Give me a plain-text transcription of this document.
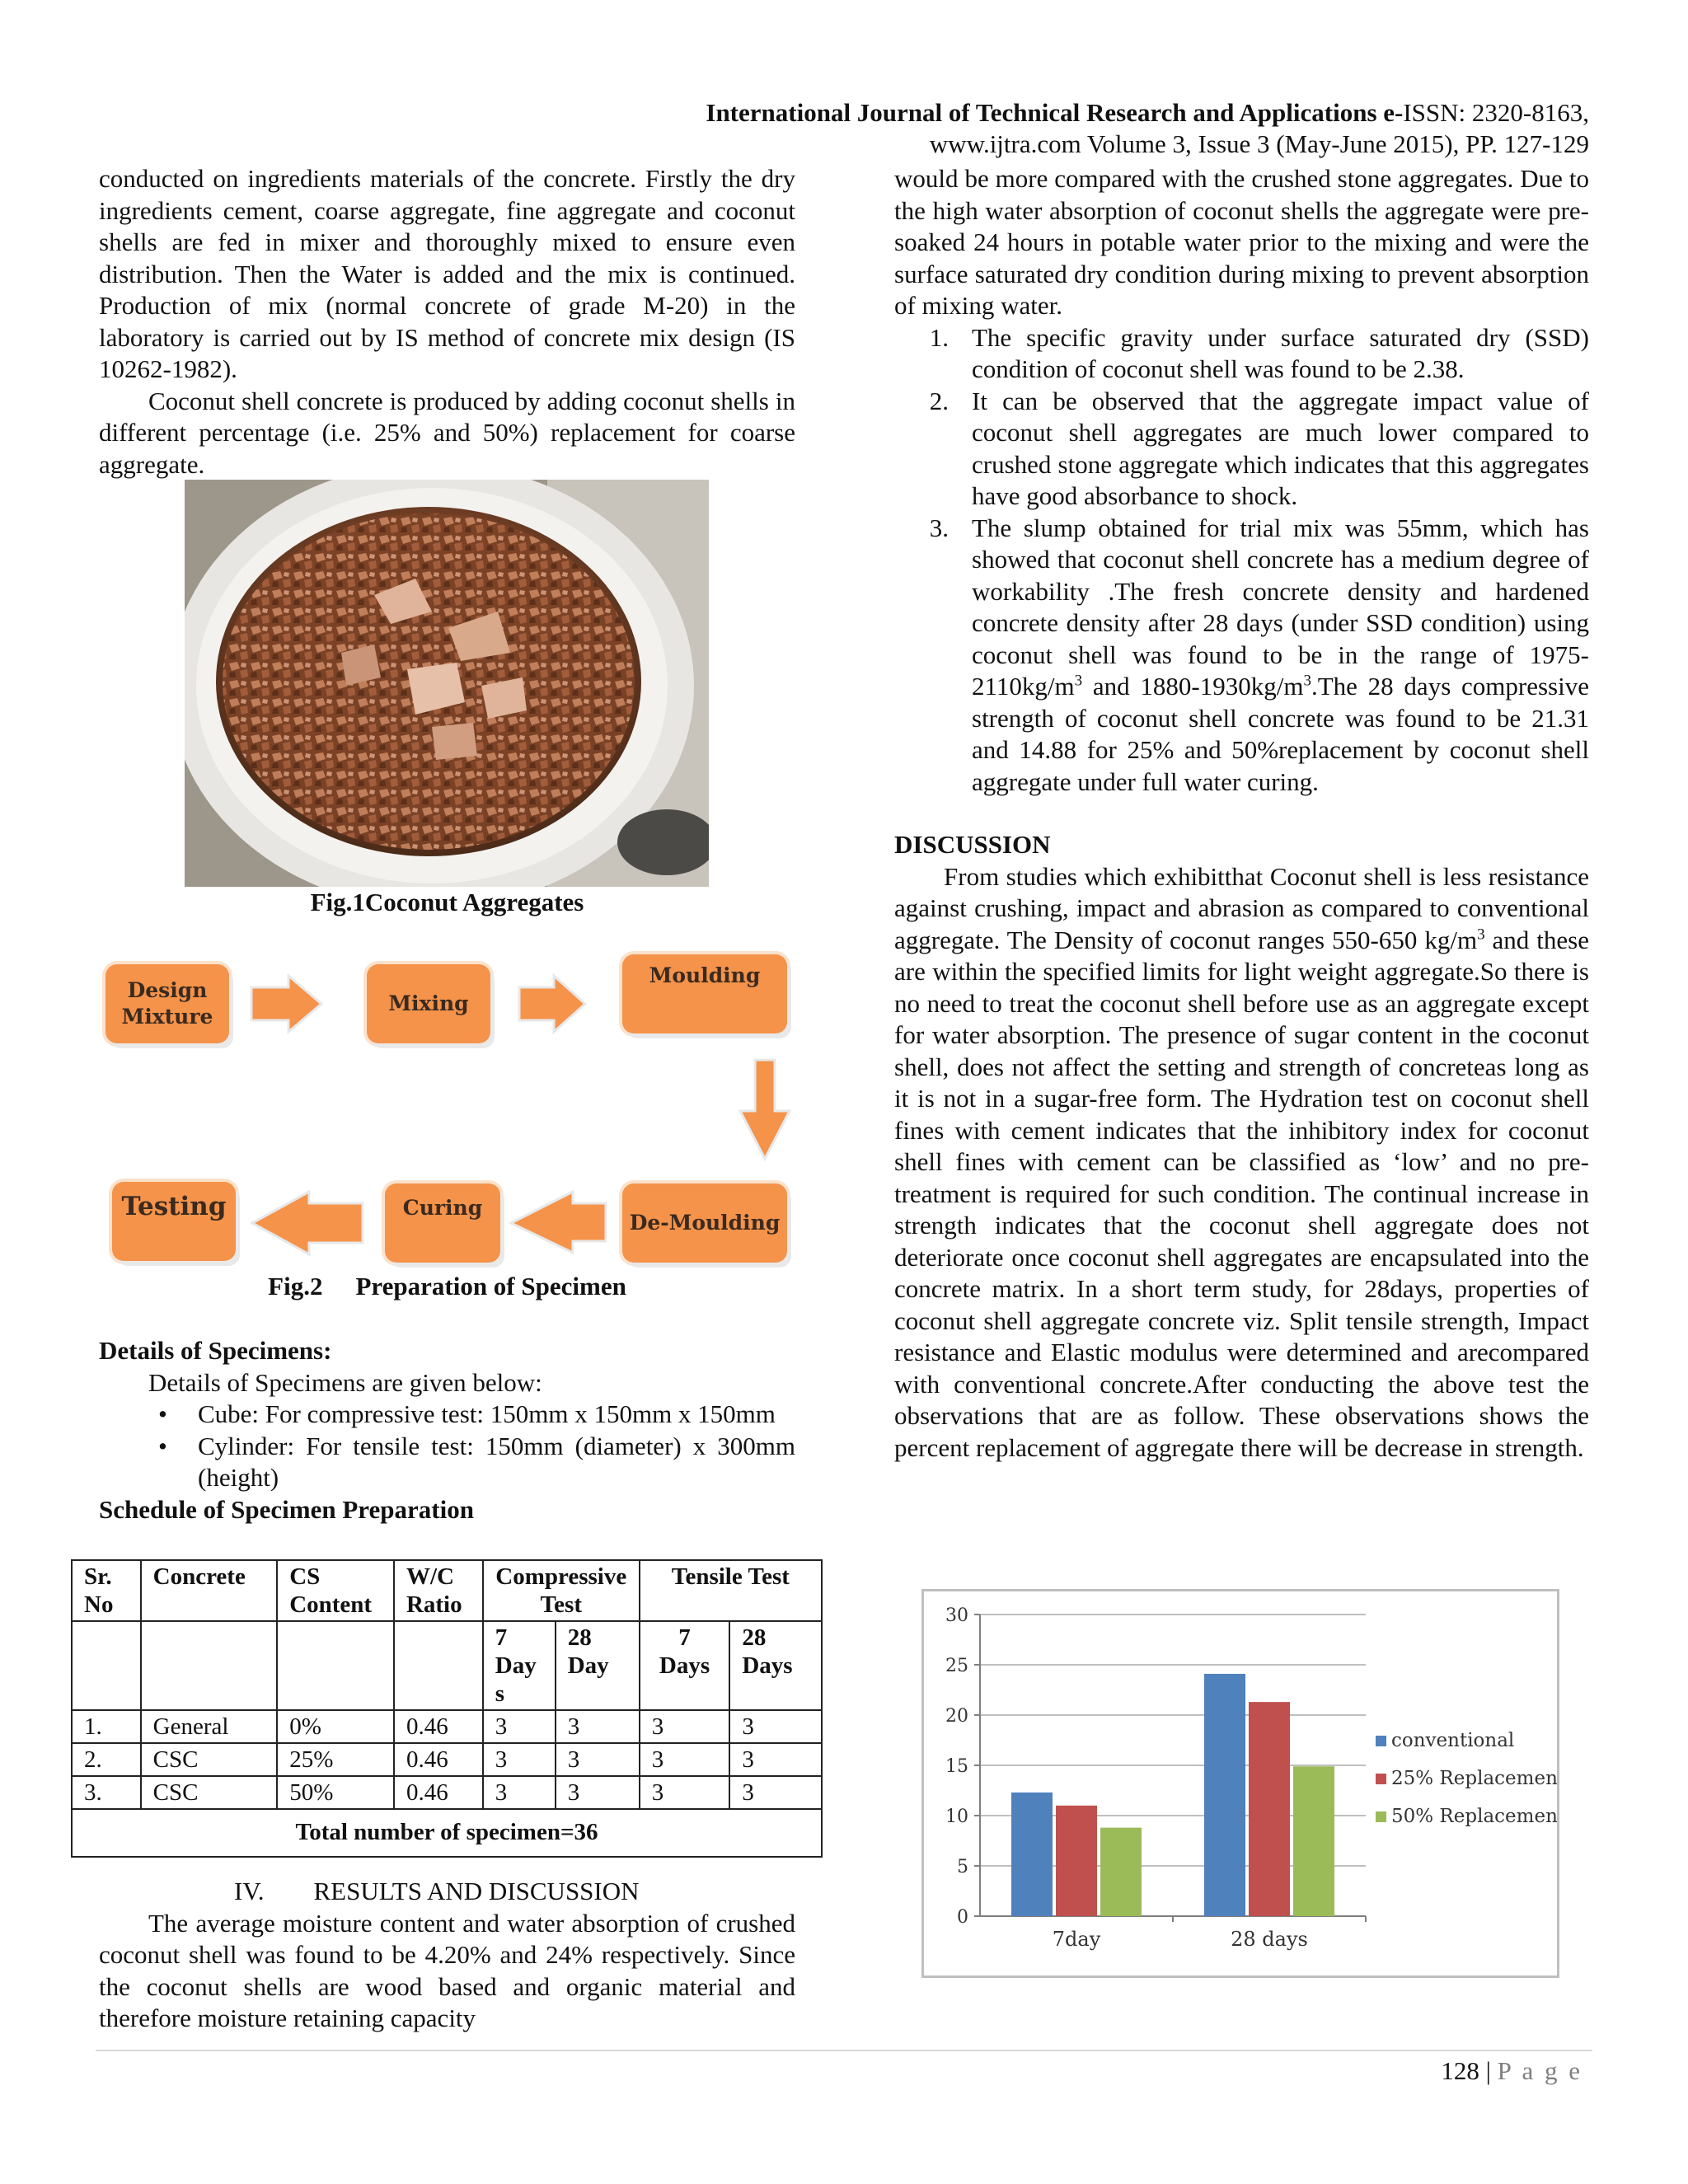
International Journal of Technical Research and Applications e-ISSN: 2320-8163,
www.ijtra.com Volume 3, Issue 3 (May-June 2015), PP. 127-129

conducted on ingredients materials of the concrete. Firstly the dry ingredients cement, coarse aggregate, fine aggregate and coconut shells are fed in mixer and thoroughly mixed to ensure even distribution. Then the Water is added and the mix is continued. Production of mix (normal concrete of grade M-20) in the laboratory is carried out by IS method of concrete mix design (IS 10262-1982).

Coconut shell concrete is produced by adding coconut shells in different percentage (i.e. 25% and 50%) replacement for coarse aggregate.

Fig.1Coconut Aggregates
Design Mixture
Mixing
Moulding
De-Moulding
Curing
Testing
Fig.2 Preparation of Specimen
Details of Specimens:
Details of Specimens are given below:
• Cube: For compressive test: 150mm x 150mm x 150mm
• Cylinder: For tensile test: 150mm (diameter) x 300mm (height)
Schedule of Specimen Preparation
Sr. No	Concrete	CS Content	W/C Ratio	Compressive Test		Tensile Test	
				7 Day s	28 Day	7 Days	28 Days
1.	General	0%	0.46	3	3	3	3
2.	CSC	25%	0.46	3	3	3	3
3.	CSC	50%	0.46	3	3	3	3
Total number of specimen=36							
IV. RESULTS AND DISCUSSION

The average moisture content and water absorption of crushed coconut shell was found to be 4.20% and 24% respectively. Since the coconut shells are wood based and organic material and therefore moisture retaining capacity

would be more compared with the crushed stone aggregates. Due to the high water absorption of coconut shells the aggregate were pre-soaked 24 hours in potable water prior to the mixing and were the surface saturated dry condition during mixing to prevent absorption of mixing water.

1. The specific gravity under surface saturated dry (SSD) condition of coconut shell was found to be 2.38.
2. It can be observed that the aggregate impact value of coconut shell aggregates are much lower compared to crushed stone aggregate which indicates that this aggregates have good absorbance to shock.
3. The slump obtained for trial mix was 55mm, which has showed that coconut shell concrete has a medium degree of workability .The fresh concrete density and hardened concrete density after 28 days (under SSD condition) using coconut shell was found to be in the range of $1975-2110kg/m^3$ and $1880-1930kg/m^3.The$ 28 days compressive strength of coconut shell concrete was found to be 21.31 and 14.88 for 25% and 50%replacement by coconut shell aggregate under full water curing.
DISCUSSION

From studies which exhibitthat Coconut shell is less resistance against crushing, impact and abrasion as compared to conventional aggregate. The Density of coconut ranges 550-650 $kg/m^3$ and these are within the specified limits for light weight aggregate.So there is no need to treat the coconut shell before use as an aggregate except for water absorption. The presence of sugar content in the coconut shell, does not affect the setting and strength of concreteas long as it is not in a sugar-free form. The Hydration test on coconut shell fines with cement indicates that the inhibitory index for coconut shell fines with cement can be classified as ‘low’ and no pre-treatment is required for such condition. The continual increase in strength indicates that the coconut shell aggregate does not deteriorate once coconut shell aggregates are encapsulated into the concrete matrix. In a short term study, for 28days, properties of coconut shell aggregate concrete viz. Split tensile strength, Impact resistance and Elastic modulus were determined and arecompared with conventional concrete.After conducting the above test the observations that are as follow. These observations shows the percent replacement of aggregate there will be decrease in strength.

0
5
10
15
20
25
30
7day	28 days
conventional
25% Replacement
50% Replacement
128 | P a g e
